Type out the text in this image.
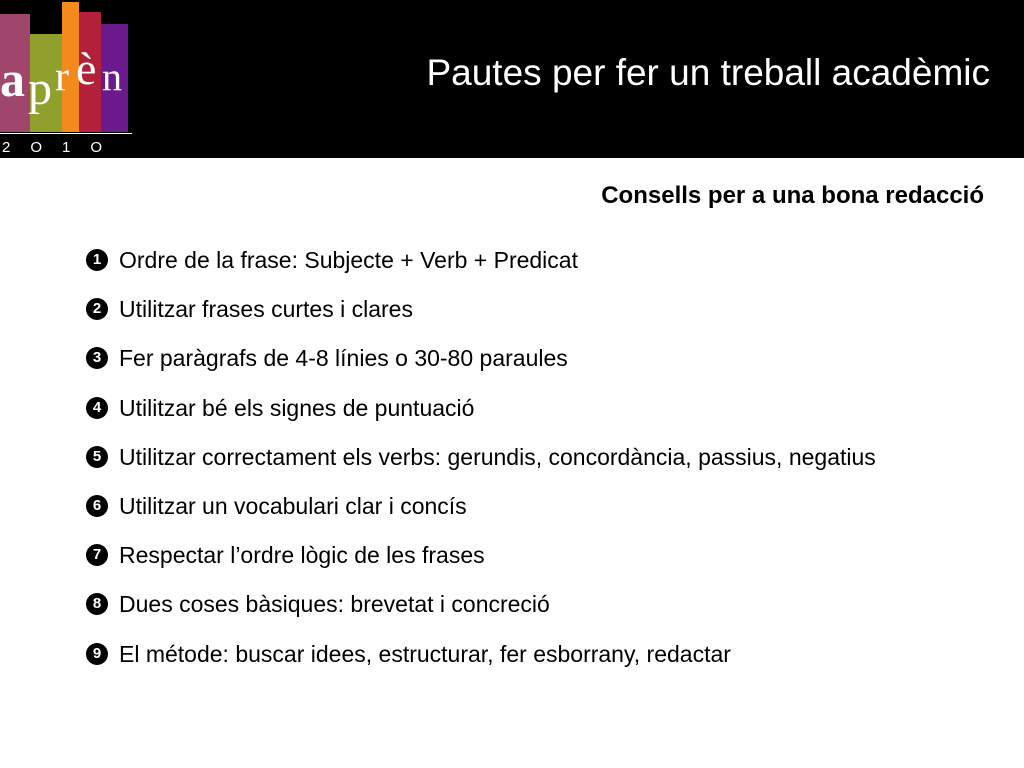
a p r è n
2O1O
Pautes per fer un treball acadèmic
Consells per a una bona redacció
1 Ordre de la frase: Subjecte + Verb + Predicat
2 Utilitzar frases curtes i clares
3 Fer paràgrafs de 4-8 línies o 30-80 paraules
4 Utilitzar bé els signes de puntuació
5 Utilitzar correctament els verbs: gerundis, concordància, passius, negatius
6 Utilitzar un vocabulari clar i concís
7 Respectar l’ordre lògic de les frases
8 Dues coses bàsiques: brevetat i concreció
9 El métode: buscar idees, estructurar, fer esborrany, redactar
